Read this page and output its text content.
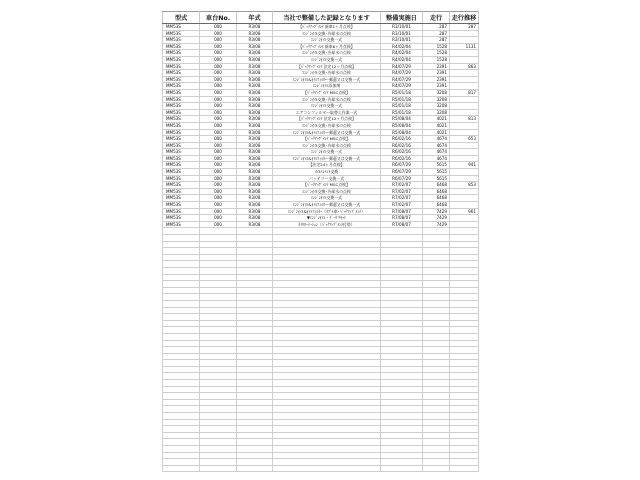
型式	車台No.	年式	当社で整備した記録となります	整備実施日	走行	走行推移
MM53S	000	R3/08	【ﾊﾞｯｸｱｯﾌﾟﾒﾝﾃ 新車1ヶ月点検】	R3/10/01	287	287
MM53S	000	R3/08	ｴﾝｼﾞﾝｵｲﾙ交換･冷却水の点検	R3/10/01	287	
MM53S	000	R3/08	ｴﾝｼﾞﾝｵｲﾙ交換一式	R3/10/01	287	
MM53S	000	R3/08	【ﾊﾞｯｸｱｯﾌﾟﾒﾝﾃ 新車6ヶ月点検】	R4/02/04	1528	1131
MM53S	000	R3/08	ｴﾝｼﾞﾝｵｲﾙ交換･冷却水の点検	R4/02/04	1528	
MM53S	000	R3/08	ｴﾝｼﾞﾝｵｲﾙ交換一式	R4/02/04	1528	
MM53S	000	R3/08	【ﾊﾞｯｸｱｯﾌﾟﾒﾝﾃ 法定12ヶ月点検】	R4/07/29	2391	863
MM53S	000	R3/08	ｴﾝｼﾞﾝｵｲﾙ交換･冷却水の点検	R4/07/29	2391	
MM53S	000	R3/08	ｴﾝｼﾞﾝｵｲﾙ&ｵｲﾙﾌｨﾙﾀｰ･郵還又は交換一式	R4/07/29	2391	
MM53S	000	R3/08	ｴﾝｼﾞﾝｵｲﾙ添加剤	R4/07/29	2391	
MM53S	000	R3/08	【ﾊﾞｯｸｱｯﾌﾟﾒﾝﾃ MSC点検】	R5/01/18	3208	817
MM53S	000	R3/08	ｴﾝｼﾞﾝｵｲﾙ交換･冷却水の点検	R5/01/18	3208	
MM53S	000	R3/08	ｴﾝｼﾞﾝｵｲﾙ交換一式	R5/01/18	3208	
MM53S	000	R3/08	エアコンフィルター取替え作業一式	R5/01/18	3208	
MM53S	000	R3/08	【ﾊﾞｯｸｱｯﾌﾟﾒﾝﾃ 法定12ヶ月点検】	R5/08/04	4021	813
MM53S	000	R3/08	ｴﾝｼﾞﾝｵｲﾙ交換･冷却水の点検	R5/08/04	4021	
MM53S	000	R3/08	ｴﾝｼﾞﾝｵｲﾙ&ｵｲﾙﾌｨﾙﾀｰ･郵還又は交換一式	R5/08/04	4021	
MM53S	000	R3/08	【ﾊﾞｯｸｱｯﾌﾟﾒﾝﾃ MSC点検】	R6/02/16	4674	653
MM53S	000	R3/08	ｴﾝｼﾞﾝｵｲﾙ交換･冷却水の点検	R6/02/16	4674	
MM53S	000	R3/08	ｴﾝｼﾞﾝｵｲﾙ交換一式	R6/02/16	4674	
MM53S	000	R3/08	ｴﾝｼﾞﾝｵｲﾙ&ｵｲﾙﾌｨﾙﾀｰ･郵還又は交換一式	R6/02/16	4674	
MM53S	000	R3/08	【法定24ヶ月点検】	R6/07/29	5615	941
MM53S	000	R3/08	ｵｲﾙｴﾚﾒﾝﾄ交換	R6/07/29	5615	
MM53S	000	R3/08	バッテリー交換一式	R6/07/29	5615	
MM53S	000	R3/08	【ﾊﾞｯｸｱｯﾌﾟﾒﾝﾃ MSC点検】	R7/02/07	6468	853
MM53S	000	R3/08	ｴﾝｼﾞﾝｵｲﾙ交換･冷却水の点検	R7/02/07	6468	
MM53S	000	R3/08	ｴﾝｼﾞﾝｵｲﾙ交換一式	R7/02/07	6468	
MM53S	000	R3/08	ｴﾝｼﾞﾝｵｲﾙ&ｵｲﾙﾌｨﾙﾀｰ･郵還又は交換一式	R7/02/07	6468	
MM53S	000	R3/08	ｴﾝｼﾞﾝｵｲﾙ&ｵｲﾙﾌｨﾙﾀｰ（ﾀﾌﾞﾙ車･ﾊﾞｯｸｱｯﾌﾟﾒﾝﾃ）	R7/08/07	7429	961
MM53S	000	R3/08	▼ｴﾝｼﾞﾝｵｲﾙ・ﾃﾞｰﾀ ﾘｾｯﾄ	R7/08/07	7429	
MM53S	000	R3/08	ﾀｲﾔﾛｰﾃｰｼｮﾝ（ﾊﾞｯｸｱｯﾌﾟﾒﾝﾃ付帯）	R7/08/07	7429	
